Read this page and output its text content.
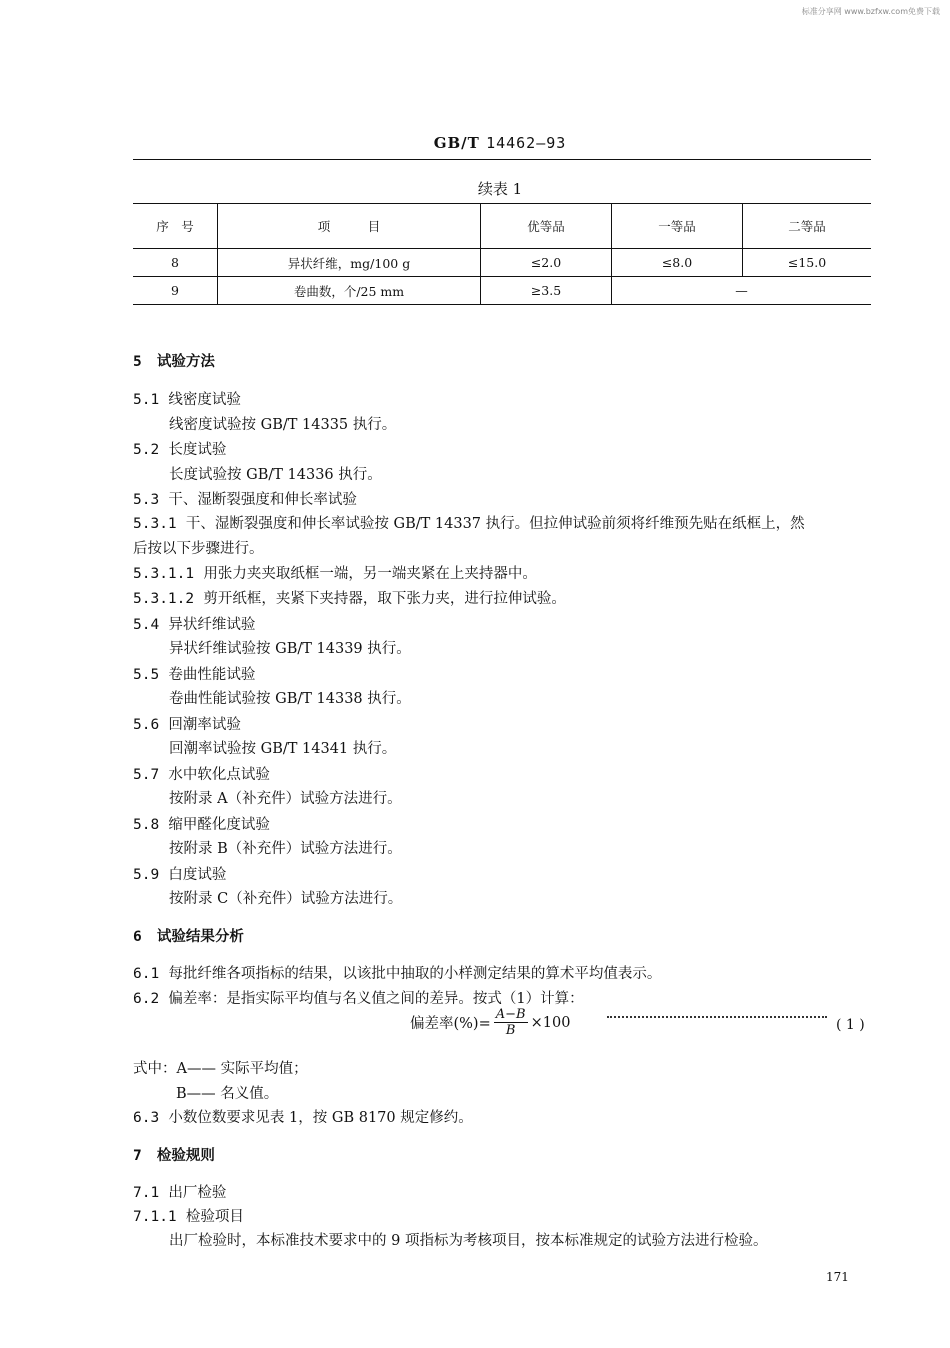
标准分享网 www.bzfxw.com免费下载
GB/T 14462—93
续表 1
序　号	项　　　目	优等品	一等品	二等品
8	异状纤维，mg/100 g	≤2.0	≤8.0	≤15.0
9	卷曲数，个/25 mm	≥3.5	—	
5 试验方法
5.1 线密度试验
线密度试验按 GB/T 14335 执行。
5.2 长度试验
长度试验按 GB/T 14336 执行。
5.3 干、湿断裂强度和伸长率试验
5.3.1 干、湿断裂强度和伸长率试验按 GB/T 14337 执行。但拉伸试验前须将纤维预先贴在纸框上，然
后按以下步骤进行。
5.3.1.1 用张力夹夹取纸框一端，另一端夹紧在上夹持器中。
5.3.1.2 剪开纸框，夹紧下夹持器，取下张力夹，进行拉伸试验。
5.4 异状纤维试验
异状纤维试验按 GB/T 14339 执行。
5.5 卷曲性能试验
卷曲性能试验按 GB/T 14338 执行。
5.6 回潮率试验
回潮率试验按 GB/T 14341 执行。
5.7 水中软化点试验
按附录 A（补充件）试验方法进行。
5.8 缩甲醛化度试验
按附录 B（补充件）试验方法进行。
5.9 白度试验
按附录 C（补充件）试验方法进行。
6 试验结果分析
6.1 每批纤维各项指标的结果，以该批中抽取的小样测定结果的算术平均值表示。
6.2 偏差率：是指实际平均值与名义值之间的差异。按式（1）计算：
偏差率(%)= $\frac{A-B}{B} \times 100$	( 1 )
式中：A—— 实际平均值；
B—— 名义值。
6.3 小数位数要求见表 1，按 GB 8170 规定修约。
7 检验规则
7.1 出厂检验
7.1.1 检验项目
出厂检验时，本标准技术要求中的 9 项指标为考核项目，按本标准规定的试验方法进行检验。
171
